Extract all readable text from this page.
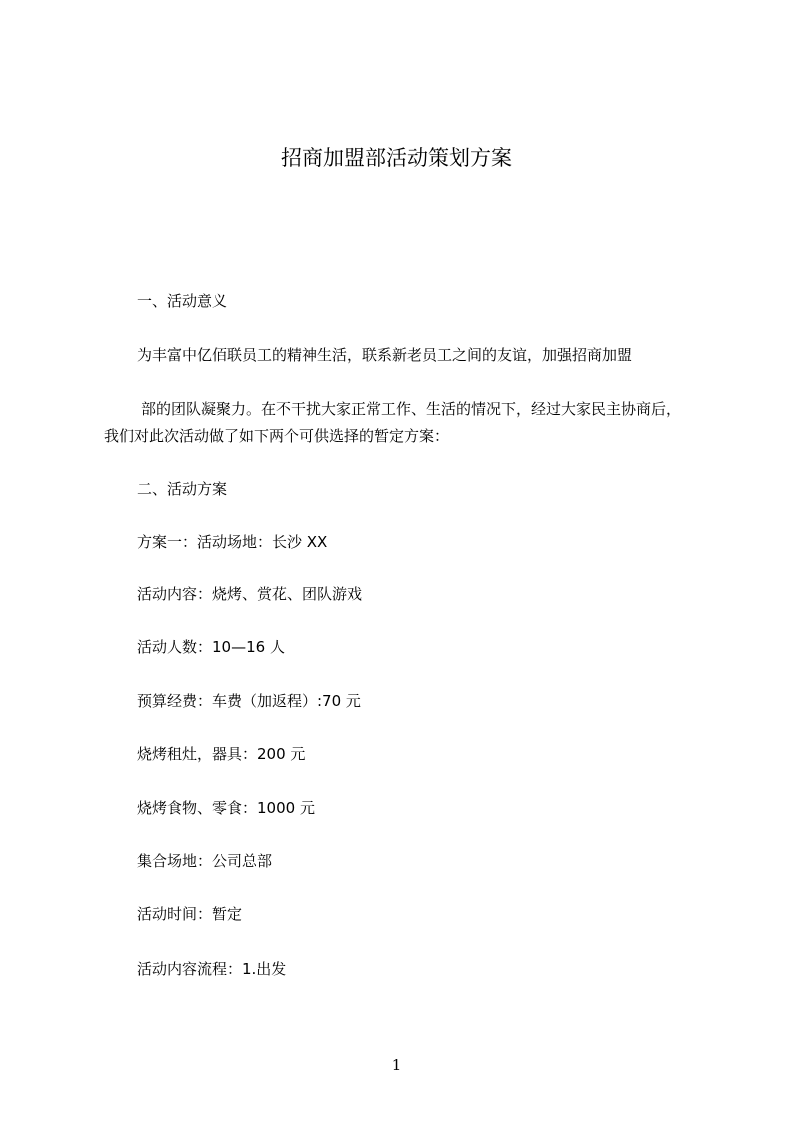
招商加盟部活动策划方案
一、活动意义
为丰富中亿佰联员工的精神生活，联系新老员工之间的友谊，加强招商加盟
部的团队凝聚力。在不干扰大家正常工作、生活的情况下，经过大家民主协商后，
我们对此次活动做了如下两个可供选择的暂定方案：
二、活动方案
方案一：活动场地：长沙 XX
活动内容：烧烤、赏花、团队游戏
活动人数：10—16 人
预算经费：车费（加返程）:70 元
烧烤租灶，器具：200 元
烧烤食物、零食：1000 元
集合场地：公司总部
活动时间：暂定
活动内容流程：1.出发
1
